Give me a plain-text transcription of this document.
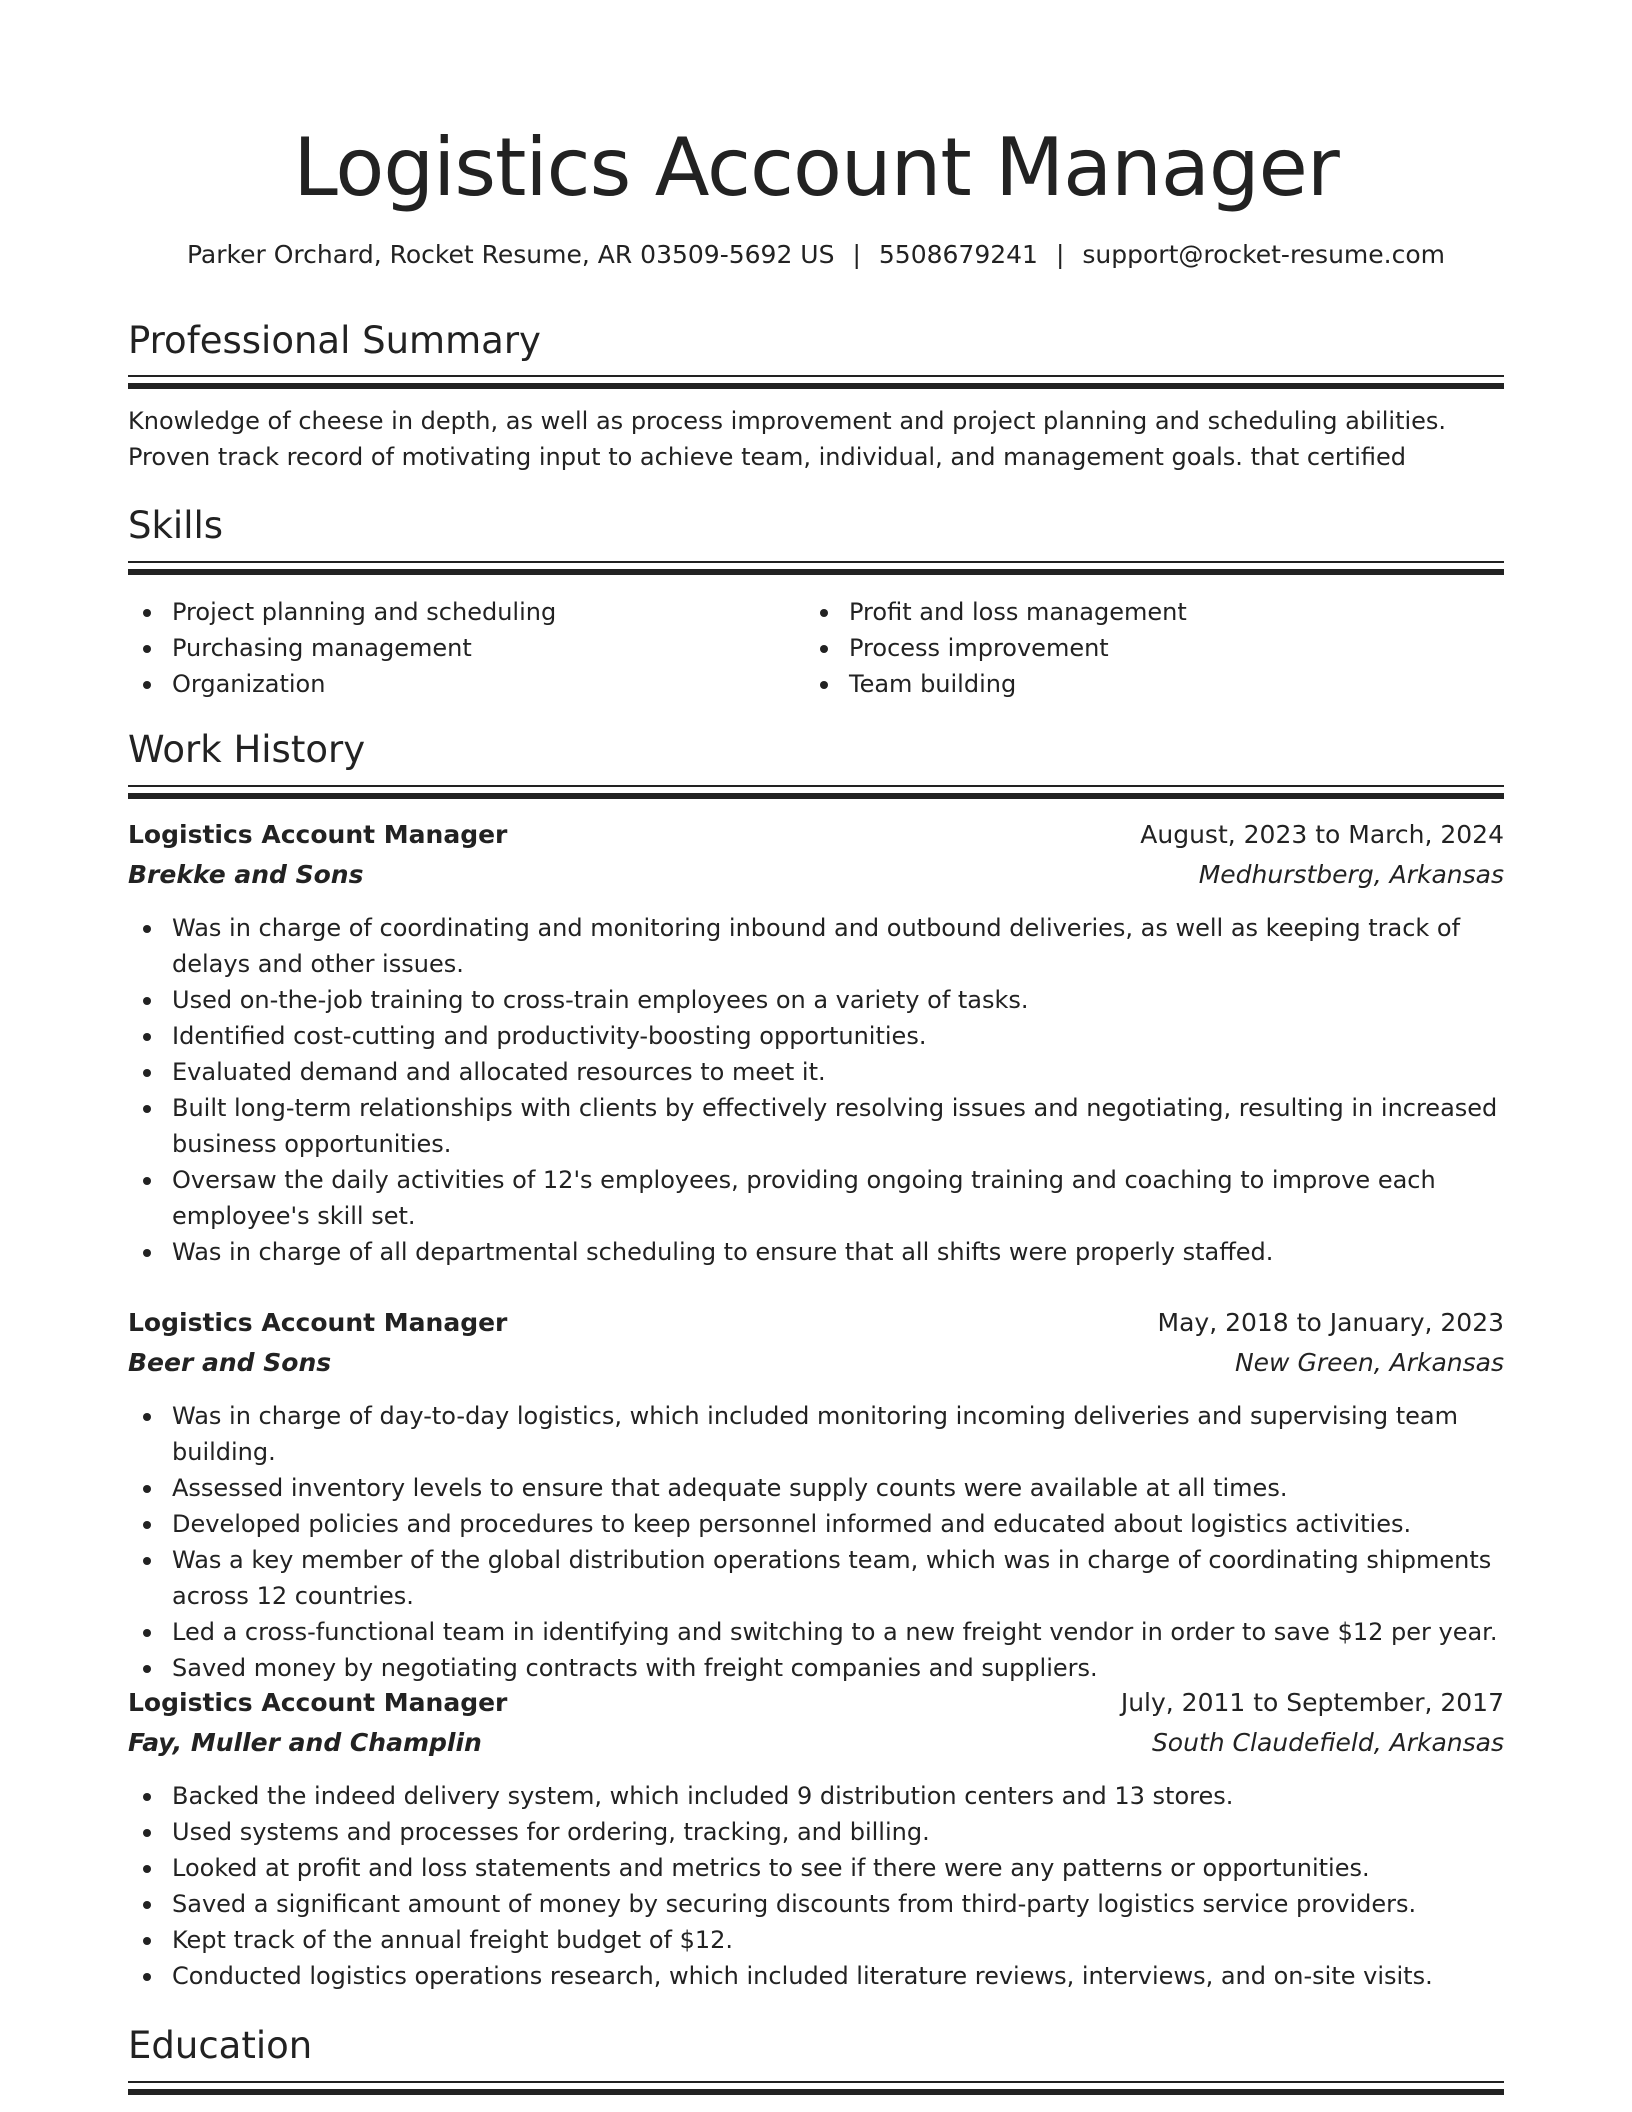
Logistics Account Manager
Parker Orchard, Rocket Resume, AR 03509-5692 US | 5508679241 | support@rocket-resume.com
Professional Summary

Knowledge of cheese in depth, as well as process improvement and project planning and scheduling abilities. Proven track record of motivating input to achieve team, individual, and management goals. that certified

Skills
Project planning and scheduling
Purchasing management
Organization
Profit and loss management
Process improvement
Team building
Work History
Logistics Account Manager	August, 2023 to March, 2024
Brekke and Sons	Medhurstberg, Arkansas
Was in charge of coordinating and monitoring inbound and outbound deliveries, as well as keeping track of delays and other issues.
Used on-the-job training to cross-train employees on a variety of tasks.
Identified cost-cutting and productivity-boosting opportunities.
Evaluated demand and allocated resources to meet it.
Built long-term relationships with clients by effectively resolving issues and negotiating, resulting in increased business opportunities.
Oversaw the daily activities of 12's employees, providing ongoing training and coaching to improve each employee's skill set.
Was in charge of all departmental scheduling to ensure that all shifts were properly staffed.
Logistics Account Manager	May, 2018 to January, 2023
Beer and Sons	New Green, Arkansas
Was in charge of day-to-day logistics, which included monitoring incoming deliveries and supervising team building.
Assessed inventory levels to ensure that adequate supply counts were available at all times.
Developed policies and procedures to keep personnel informed and educated about logistics activities.
Was a key member of the global distribution operations team, which was in charge of coordinating shipments across 12 countries.
Led a cross-functional team in identifying and switching to a new freight vendor in order to save $12 per year.
Saved money by negotiating contracts with freight companies and suppliers.
Logistics Account Manager	July, 2011 to September, 2017
Fay, Muller and Champlin	South Claudefield, Arkansas
Backed the indeed delivery system, which included 9 distribution centers and 13 stores.
Used systems and processes for ordering, tracking, and billing.
Looked at profit and loss statements and metrics to see if there were any patterns or opportunities.
Saved a significant amount of money by securing discounts from third-party logistics service providers.
Kept track of the annual freight budget of $12.
Conducted logistics operations research, which included literature reviews, interviews, and on-site visits.
Education
